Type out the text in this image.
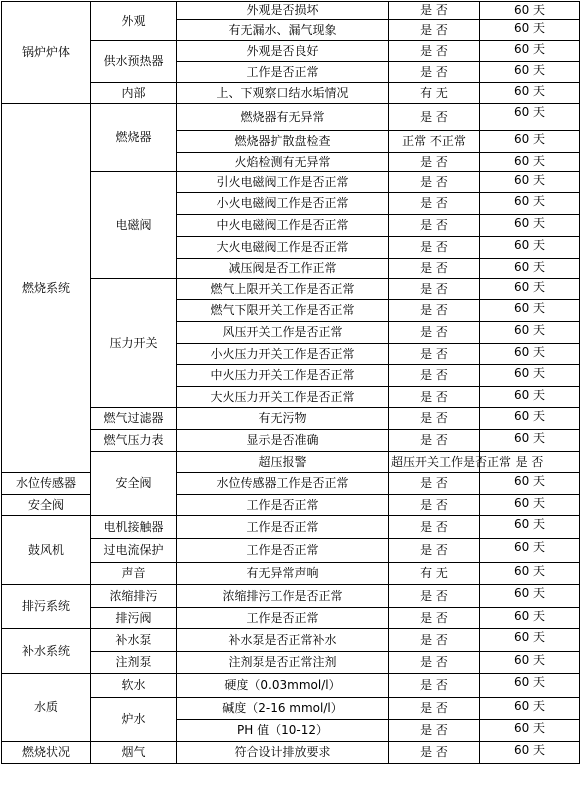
锅炉炉体	外观	外观是否损坏	是 否	60 天	
		有无漏水、漏气现象	是 否	60 天	
	供水预热器	外观是否良好	是 否	60 天	
		工作是否正常	是 否	60 天	
	内部	上、下观察口结水垢情况	有 无	60 天	
燃烧系统	燃烧器	燃烧器有无异常	是 否	60 天	
		燃烧器扩散盘检查	正常 不正常	60 天	
		火焰检测有无异常	是 否	60 天	
	电磁阀	引火电磁阀工作是否正常	是 否	60 天	
		小火电磁阀工作是否正常	是 否	60 天	
		中火电磁阀工作是否正常	是 否	60 天	
		大火电磁阀工作是否正常	是 否	60 天	
		减压阀是否工作正常	是 否	60 天	
	压力开关	燃气上限开关工作是否正常	是 否	60 天	
		燃气下限开关工作是否正常	是 否	60 天	
		风压开关工作是否正常	是 否	60 天	
		小火压力开关工作是否正常	是 否	60 天	
		中火压力开关工作是否正常	是 否	60 天	
		大火压力开关工作是否正常	是 否	60 天	
	燃气过滤器	有无污物	是 否	60 天	
	燃气压力表	显示是否准确	是 否	60 天	
	安全阀	超压报警	超压开关工作是否正常	是 否	
水位传感器		水位传感器工作是否正常	是 否	60 天	
安全阀		工作是否正常	是 否	60 天	
鼓风机	电机接触器	工作是否正常	是 否	60 天	
	过电流保护	工作是否正常	是 否	60 天	
	声音	有无异常声响	有 无	60 天	
排污系统	浓缩排污	浓缩排污工作是否正常	是 否	60 天	
	排污阀	工作是否正常	是 否	60 天	
补水系统	补水泵	补水泵是否正常补水	是 否	60 天	
	注剂泵	注剂泵是否正常注剂	是 否	60 天	
水质	软水	硬度（0.03mmol/l）	是 否	60 天	
	炉水	碱度（2-16 mmol/l）	是 否	60 天	
		PH 值（10-12）	是 否	60 天	
燃烧状况	烟气	符合设计排放要求	是 否	60 天	
